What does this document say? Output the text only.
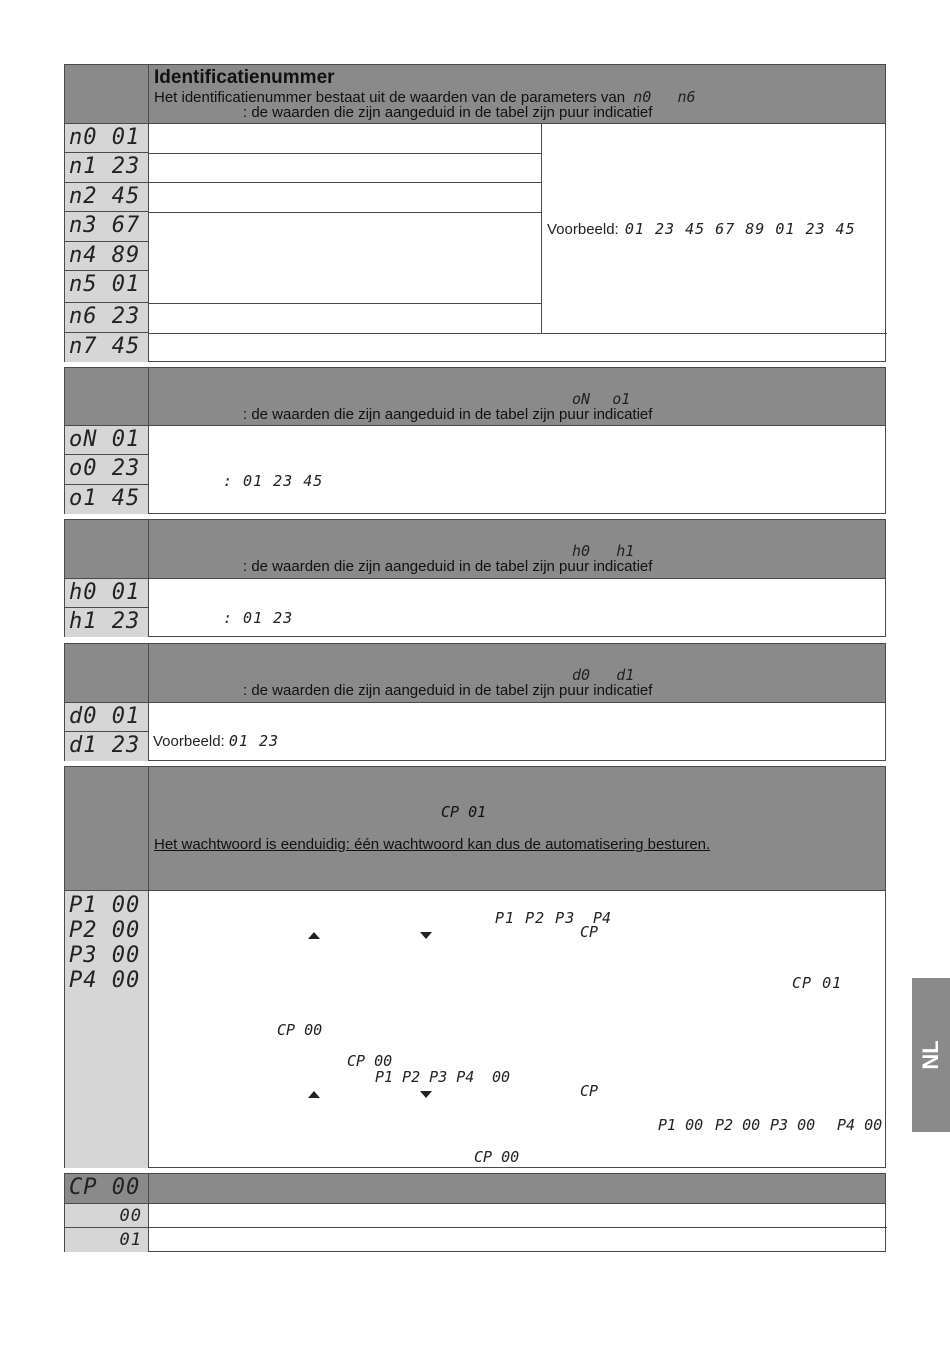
Identificatienummer
Het identificatienummer bestaat uit de waarden van de parameters van n0 n6
: de waarden die zijn aangeduid in de tabel zijn puur indicatief
n0 01
n1 23
n2 45
n3 67
n4 89
n5 01
n6 23
n7 45
Voorbeeld: 01 23 45 67 89 01 23 45
oN o1
: de waarden die zijn aangeduid in de tabel zijn puur indicatief
oN 01
o0 23
o1 45
: 01 23 45
h0 h1
: de waarden die zijn aangeduid in de tabel zijn puur indicatief
h0 01
h1 23	: 01 23
d0 d1
: de waarden die zijn aangeduid in de tabel zijn puur indicatief
d0 01
d1 23 Voorbeeld: 01 23
CP 01
Het wachtwoord is eenduidig: één wachtwoord kan dus de automatisering besturen.
P1 00
P2 00
P3 00
P4 00
P1 P2 P3 P4
CP
CP 01
CP 00
CP 00
P1 P2 P3 P4 00
CP
P1 00 P2 00 P3 00 P4 00
CP 00
CP 00
00
01
NL
